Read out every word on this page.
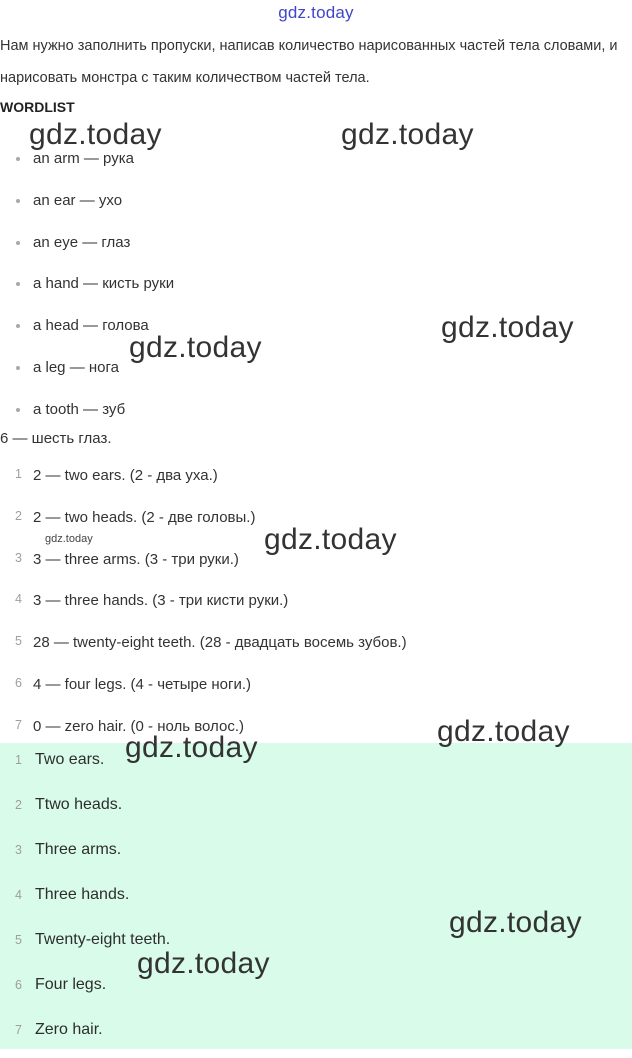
gdz.today
Нам нужно заполнить пропуски, написав количество нарисованных частей тела словами, и нарисовать монстра с таким количеством частей тела.
WORDLIST
an arm — рука
an ear — ухо
an eye — глаз
a hand — кисть руки
a head — голова
a leg — нога
a tooth — зуб
6 — шесть глаз.
1 2 — two ears. (2 - два уха.)
2 2 — two heads. (2 - две головы.)
3 3 — three arms. (3 - три руки.)
4 3 — three hands. (3 - три кисти руки.)
5 28 — twenty-eight teeth. (28 - двадцать восемь зубов.)
6 4 — four legs. (4 - четыре ноги.)
7 0 — zero hair. (0 - ноль волос.)
1 Two ears.
2 Ttwo heads.
3 Three arms.
4 Three hands.
5 Twenty-eight teeth.
6 Four legs.
7 Zero hair.
gdz.today	gdz.today
gdz.today
gdz.today
gdz.today	gdz.today
gdz.today
gdz.today
gdz.today
gdz.today
